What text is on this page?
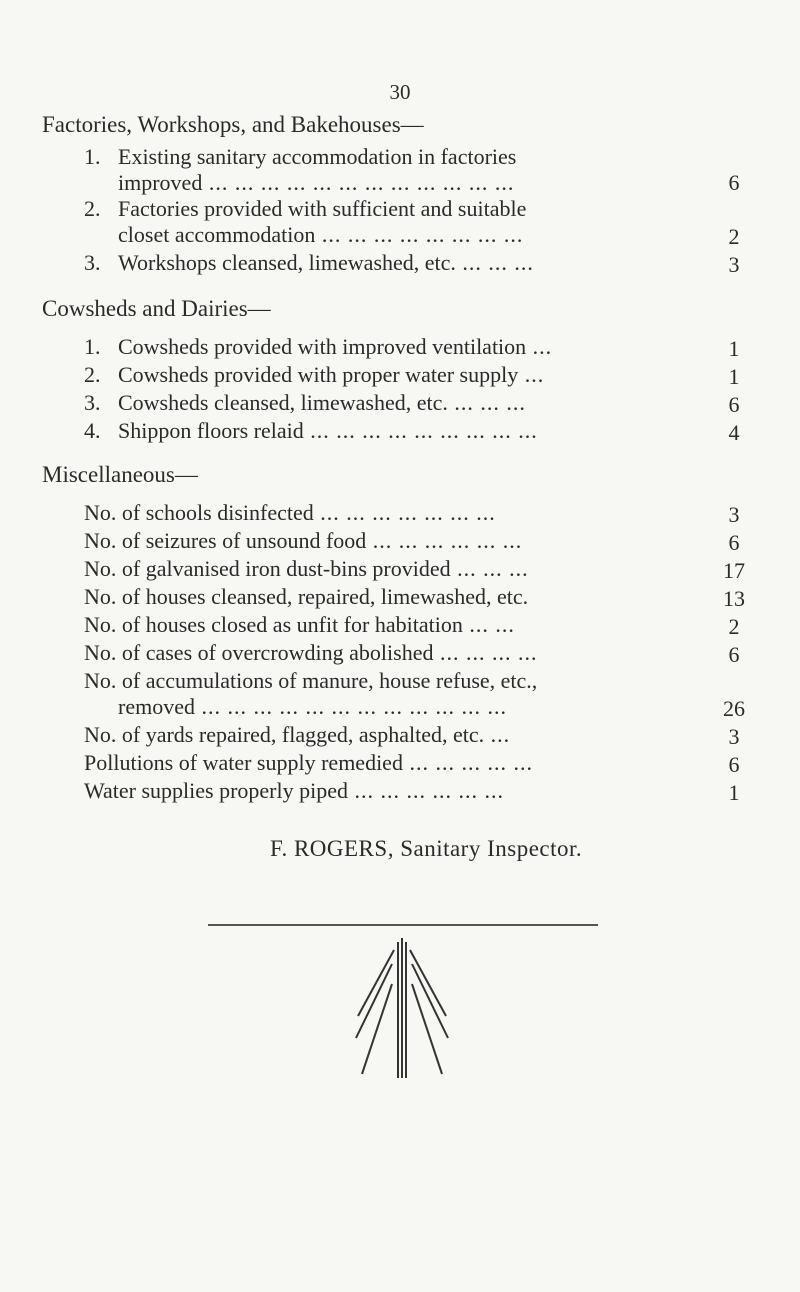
30
Factories, Workshops, and Bakehouses—
1. Existing sanitary accommodation in factories
improved ... ... ... ... ... ... ... ... ... ... ... ...	6
2. Factories provided with sufficient and suitable
closet accommodation ... ... ... ... ... ... ... ...	2
3. Workshops cleansed, limewashed, etc. ... ... ...	3
Cowsheds and Dairies—
1. Cowsheds provided with improved ventilation ...	1
2. Cowsheds provided with proper water supply ...	1
3. Cowsheds cleansed, limewashed, etc. ... ... ...	6
4. Shippon floors relaid ... ... ... ... ... ... ... ... ...	4
Miscellaneous—
No. of schools disinfected ... ... ... ... ... ... ...	3
No. of seizures of unsound food ... ... ... ... ... ...	6
No. of galvanised iron dust-bins provided ... ... ...	17
No. of houses cleansed, repaired, limewashed, etc.	13
No. of houses closed as unfit for habitation ... ...	2
No. of cases of overcrowding abolished ... ... ... ...	6
No. of accumulations of manure, house refuse, etc.,
removed ... ... ... ... ... ... ... ... ... ... ... ...	26
No. of yards repaired, flagged, asphalted, etc. ...	3
Pollutions of water supply remedied ... ... ... ... ...	6
Water supplies properly piped ... ... ... ... ... ...	1
F. ROGERS, Sanitary Inspector.
